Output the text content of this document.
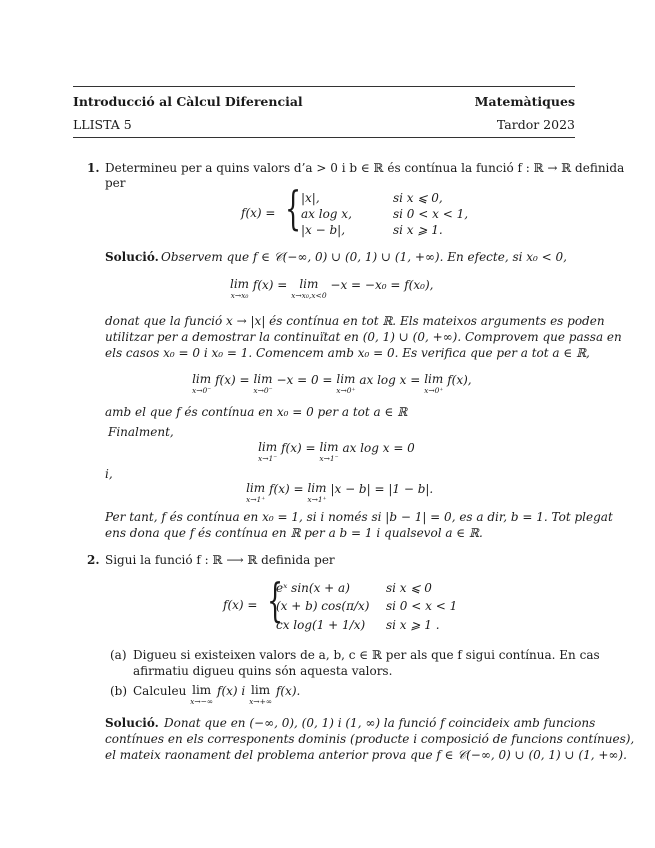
Introducció al Càlcul Diferencial	Matemàtiques
LLISTA 5	Tardor 2023
1. Determineu per a quins valors d’a > 0 i b ∈ ℝ és contínua la funció f : ℝ → ℝ definida
per
f(x) = { |x|,	si x ⩽ 0,
ax log x,	si 0 < x < 1,
|x − b|,	si x ⩾ 1.
Solució. Observem que f ∈ 𝒞(−∞, 0) ∪ (0, 1) ∪ (1, +∞). En efecte, si x₀ < 0,
lim
x→x₀
f(x) = lim
x→x₀,x<0
−x = −x₀ = f(x₀),
donat que la funció x → |x| és contínua en tot ℝ. Els mateixos arguments es poden
utilitzar per a demostrar la continuïtat en (0, 1) ∪ (0, +∞). Comprovem que passa en
els casos x₀ = 0 i x₀ = 1. Comencem amb x₀ = 0. Es verifica que per a tot a ∈ ℝ,
lim
x→0⁻
f(x) = lim
x→0⁻
−x = 0 = lim
x→0⁺
ax log x = lim
x→0⁺
f(x),
amb el que f és contínua en x₀ = 0 per a tot a ∈ ℝ
Finalment,
lim
x→1⁻
f(x) = lim
x→1⁻
ax log x = 0
i,
lim
x→1⁺
f(x) = lim
x→1⁺
|x − b| = |1 − b|.
Per tant, f és contínua en x₀ = 1, si i només si |b − 1| = 0, es a dir, b = 1. Tot plegat
ens dona que f és contínua en ℝ per a b = 1 i qualsevol a ∈ ℝ.
2. Sigui la funció f : ℝ ⟶ ℝ definida per
f(x) = {
eˣ sin(x + a)	si x ⩽ 0
(x + b) cos(π/x) si 0 < x < 1
cx log(1 + 1/x) si x ⩾ 1 .
(a) Digueu si existeixen valors de a, b, c ∈ ℝ per als que f sigui contínua. En cas
afirmatiu digueu quins són aquesta valors.
(b) Calculeu lim
x→−∞
f(x) i lim
x→+∞
f(x).
Solució. Donat que en (−∞, 0), (0, 1) i (1, ∞) la funció f coincideix amb funcions
contínues en els corresponents dominis (producte i composició de funcions contínues),
el mateix raonament del problema anterior prova que f ∈ 𝒞(−∞, 0) ∪ (0, 1) ∪ (1, +∞).
